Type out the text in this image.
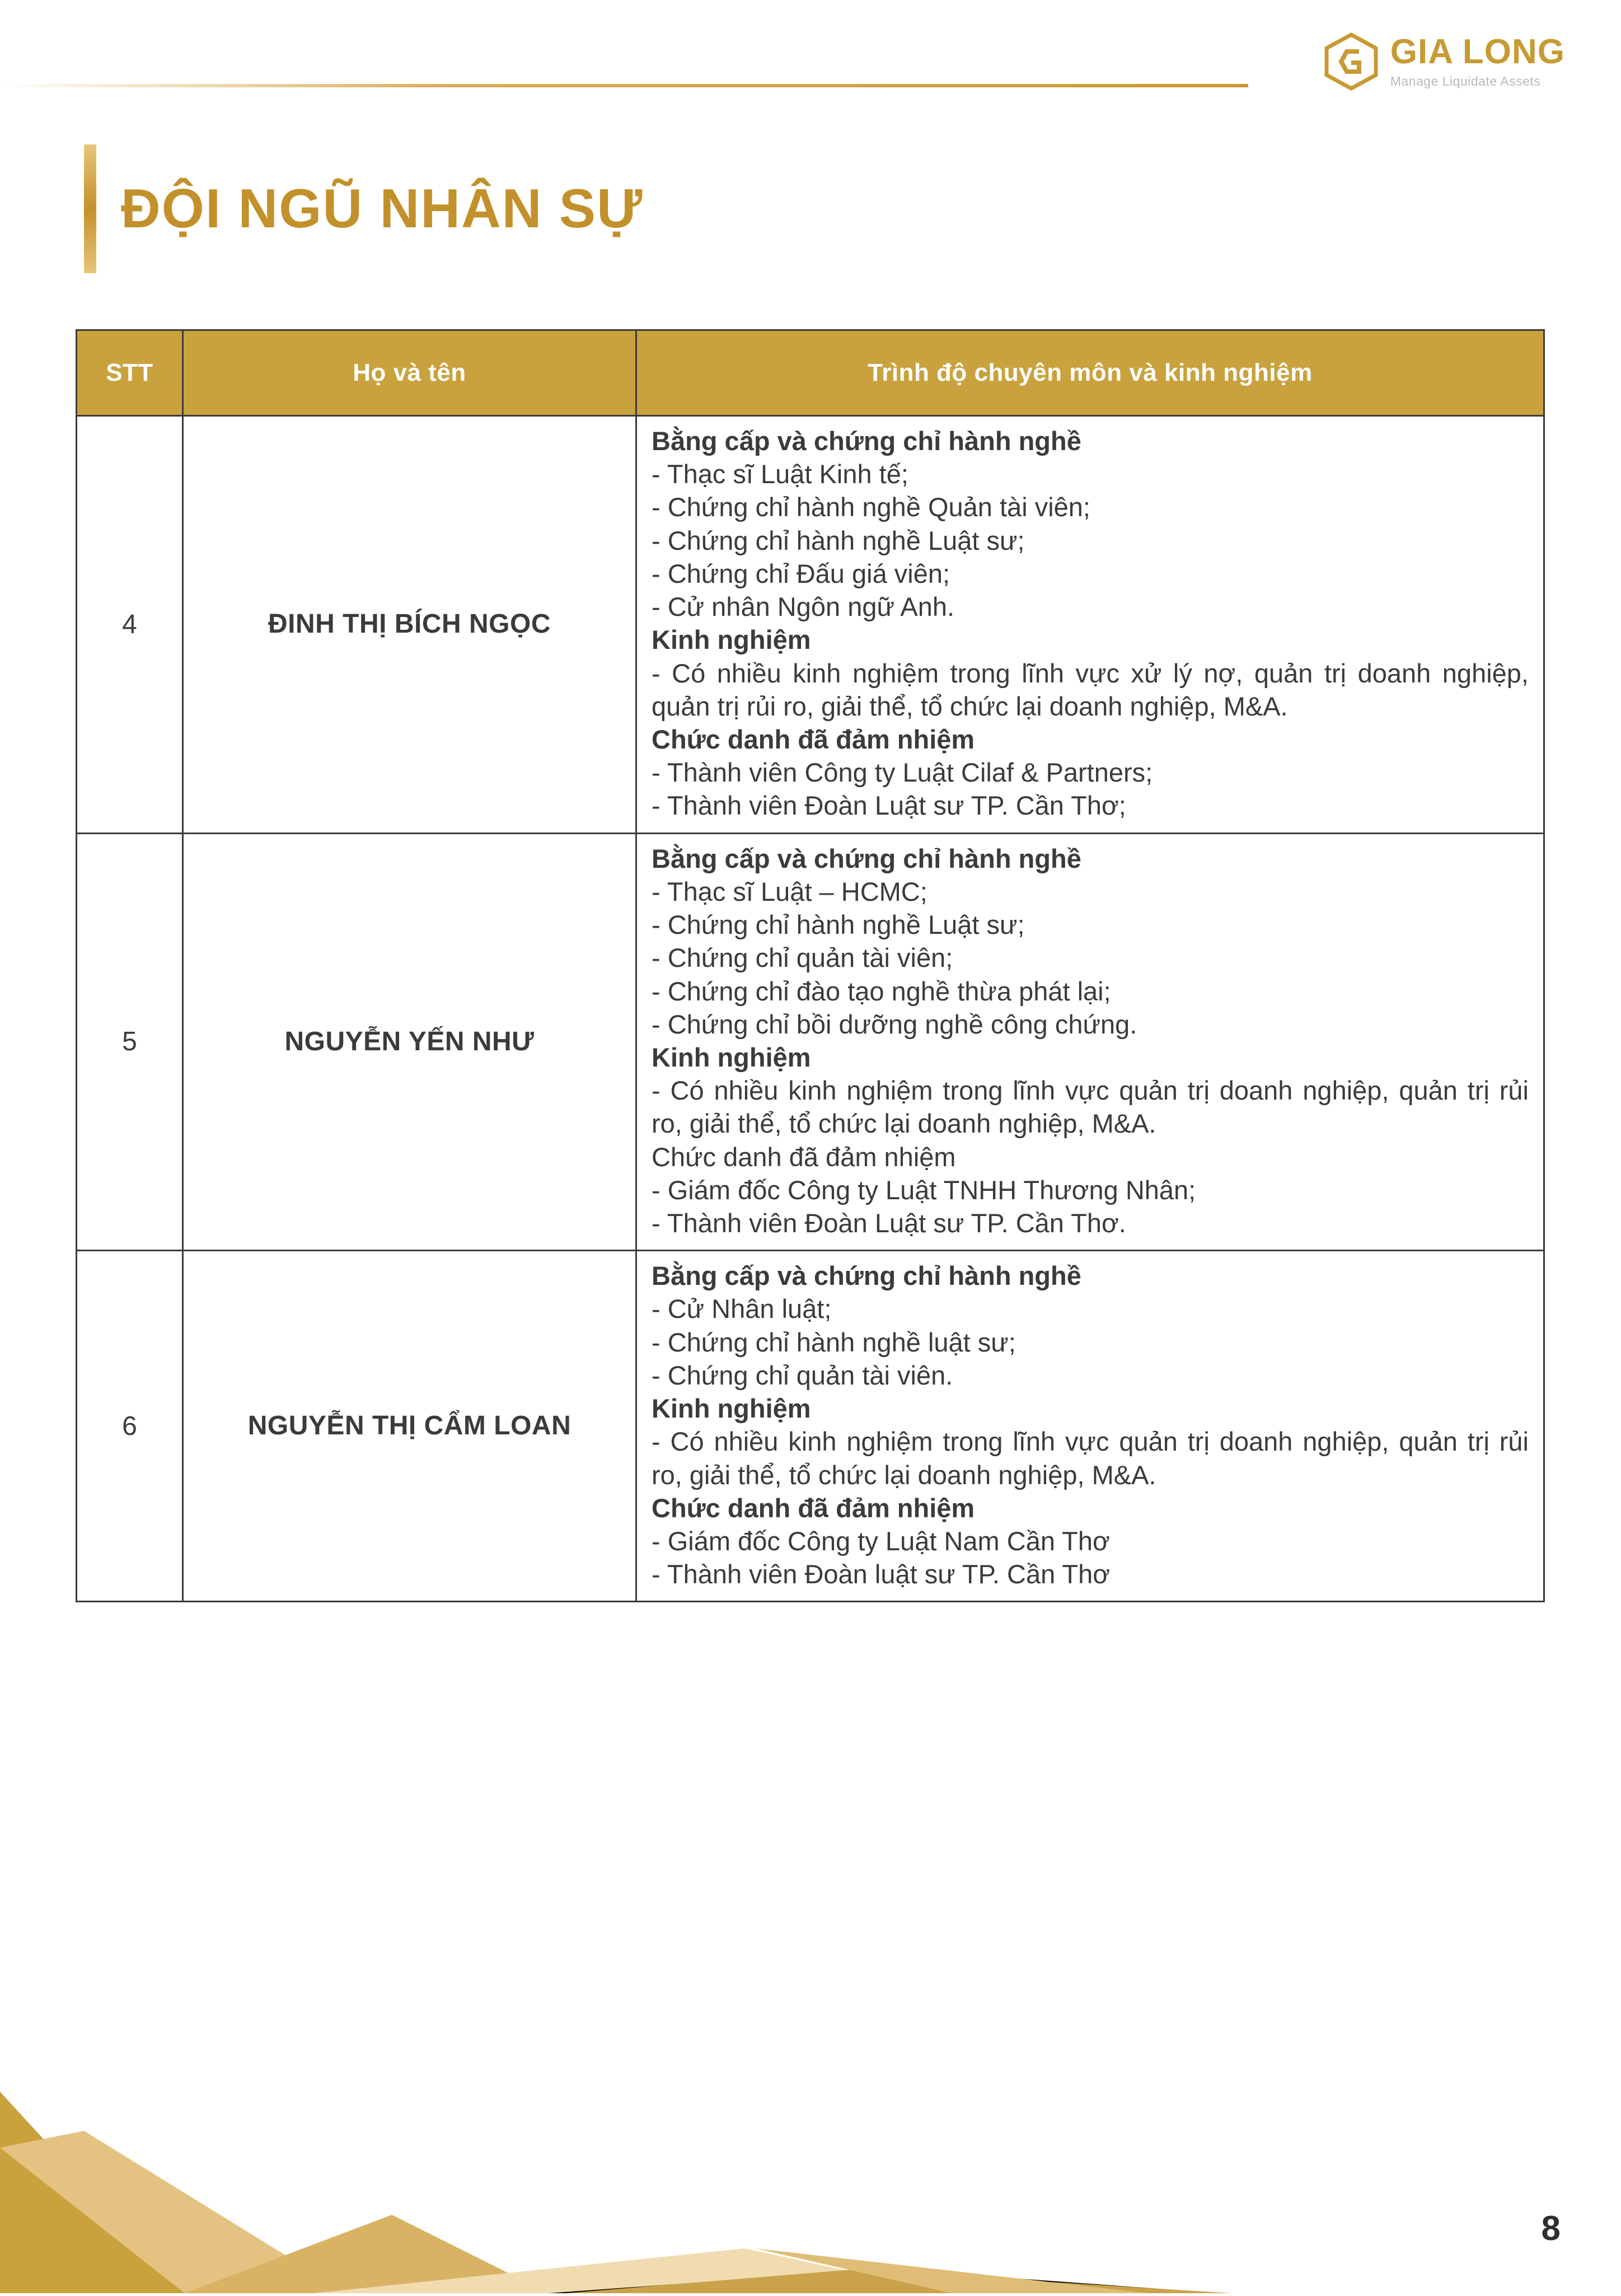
GIA LONG
Manage Liquidate Assets
ĐỘI NGŨ NHÂN SỰ
STT	Họ và tên	Trình độ chuyên môn và kinh nghiệm
4	ĐINH THỊ BÍCH NGỌC	
Bằng cấp và chứng chỉ hành nghề
- Thạc sĩ Luật Kinh tế;
- Chứng chỉ hành nghề Quản tài viên;
- Chứng chỉ hành nghề Luật sư;
- Chứng chỉ Đấu giá viên;
- Cử nhân Ngôn ngữ Anh.
Kinh nghiệm
- Có nhiều kinh nghiệm trong lĩnh vực xử lý nợ, quản trị doanh nghiệp, quản trị rủi ro, giải thể, tổ chức lại doanh nghiệp, M&A.
Chức danh đã đảm nhiệm
- Thành viên Công ty Luật Cilaf & Partners;
- Thành viên Đoàn Luật sư TP. Cần Thơ;

5	NGUYỄN YẾN NHƯ	
Bằng cấp và chứng chỉ hành nghề
- Thạc sĩ Luật – HCMC;
- Chứng chỉ hành nghề Luật sư;
- Chứng chỉ quản tài viên;
- Chứng chỉ đào tạo nghề thừa phát lại;
- Chứng chỉ bồi dưỡng nghề công chứng.
Kinh nghiệm
- Có nhiều kinh nghiệm trong lĩnh vực quản trị doanh nghiệp, quản trị rủi ro, giải thể, tổ chức lại doanh nghiệp, M&A.
Chức danh đã đảm nhiệm
- Giám đốc Công ty Luật TNHH Thương Nhân;
- Thành viên Đoàn Luật sư TP. Cần Thơ.

6	NGUYỄN THỊ CẨM LOAN	
Bằng cấp và chứng chỉ hành nghề
- Cử Nhân luật;
- Chứng chỉ hành nghề luật sư;
- Chứng chỉ quản tài viên.
Kinh nghiệm
- Có nhiều kinh nghiệm trong lĩnh vực quản trị doanh nghiệp, quản trị rủi ro, giải thể, tổ chức lại doanh nghiệp, M&A.
Chức danh đã đảm nhiệm
- Giám đốc Công ty Luật Nam Cần Thơ
- Thành viên Đoàn luật sư TP. Cần Thơ
8
